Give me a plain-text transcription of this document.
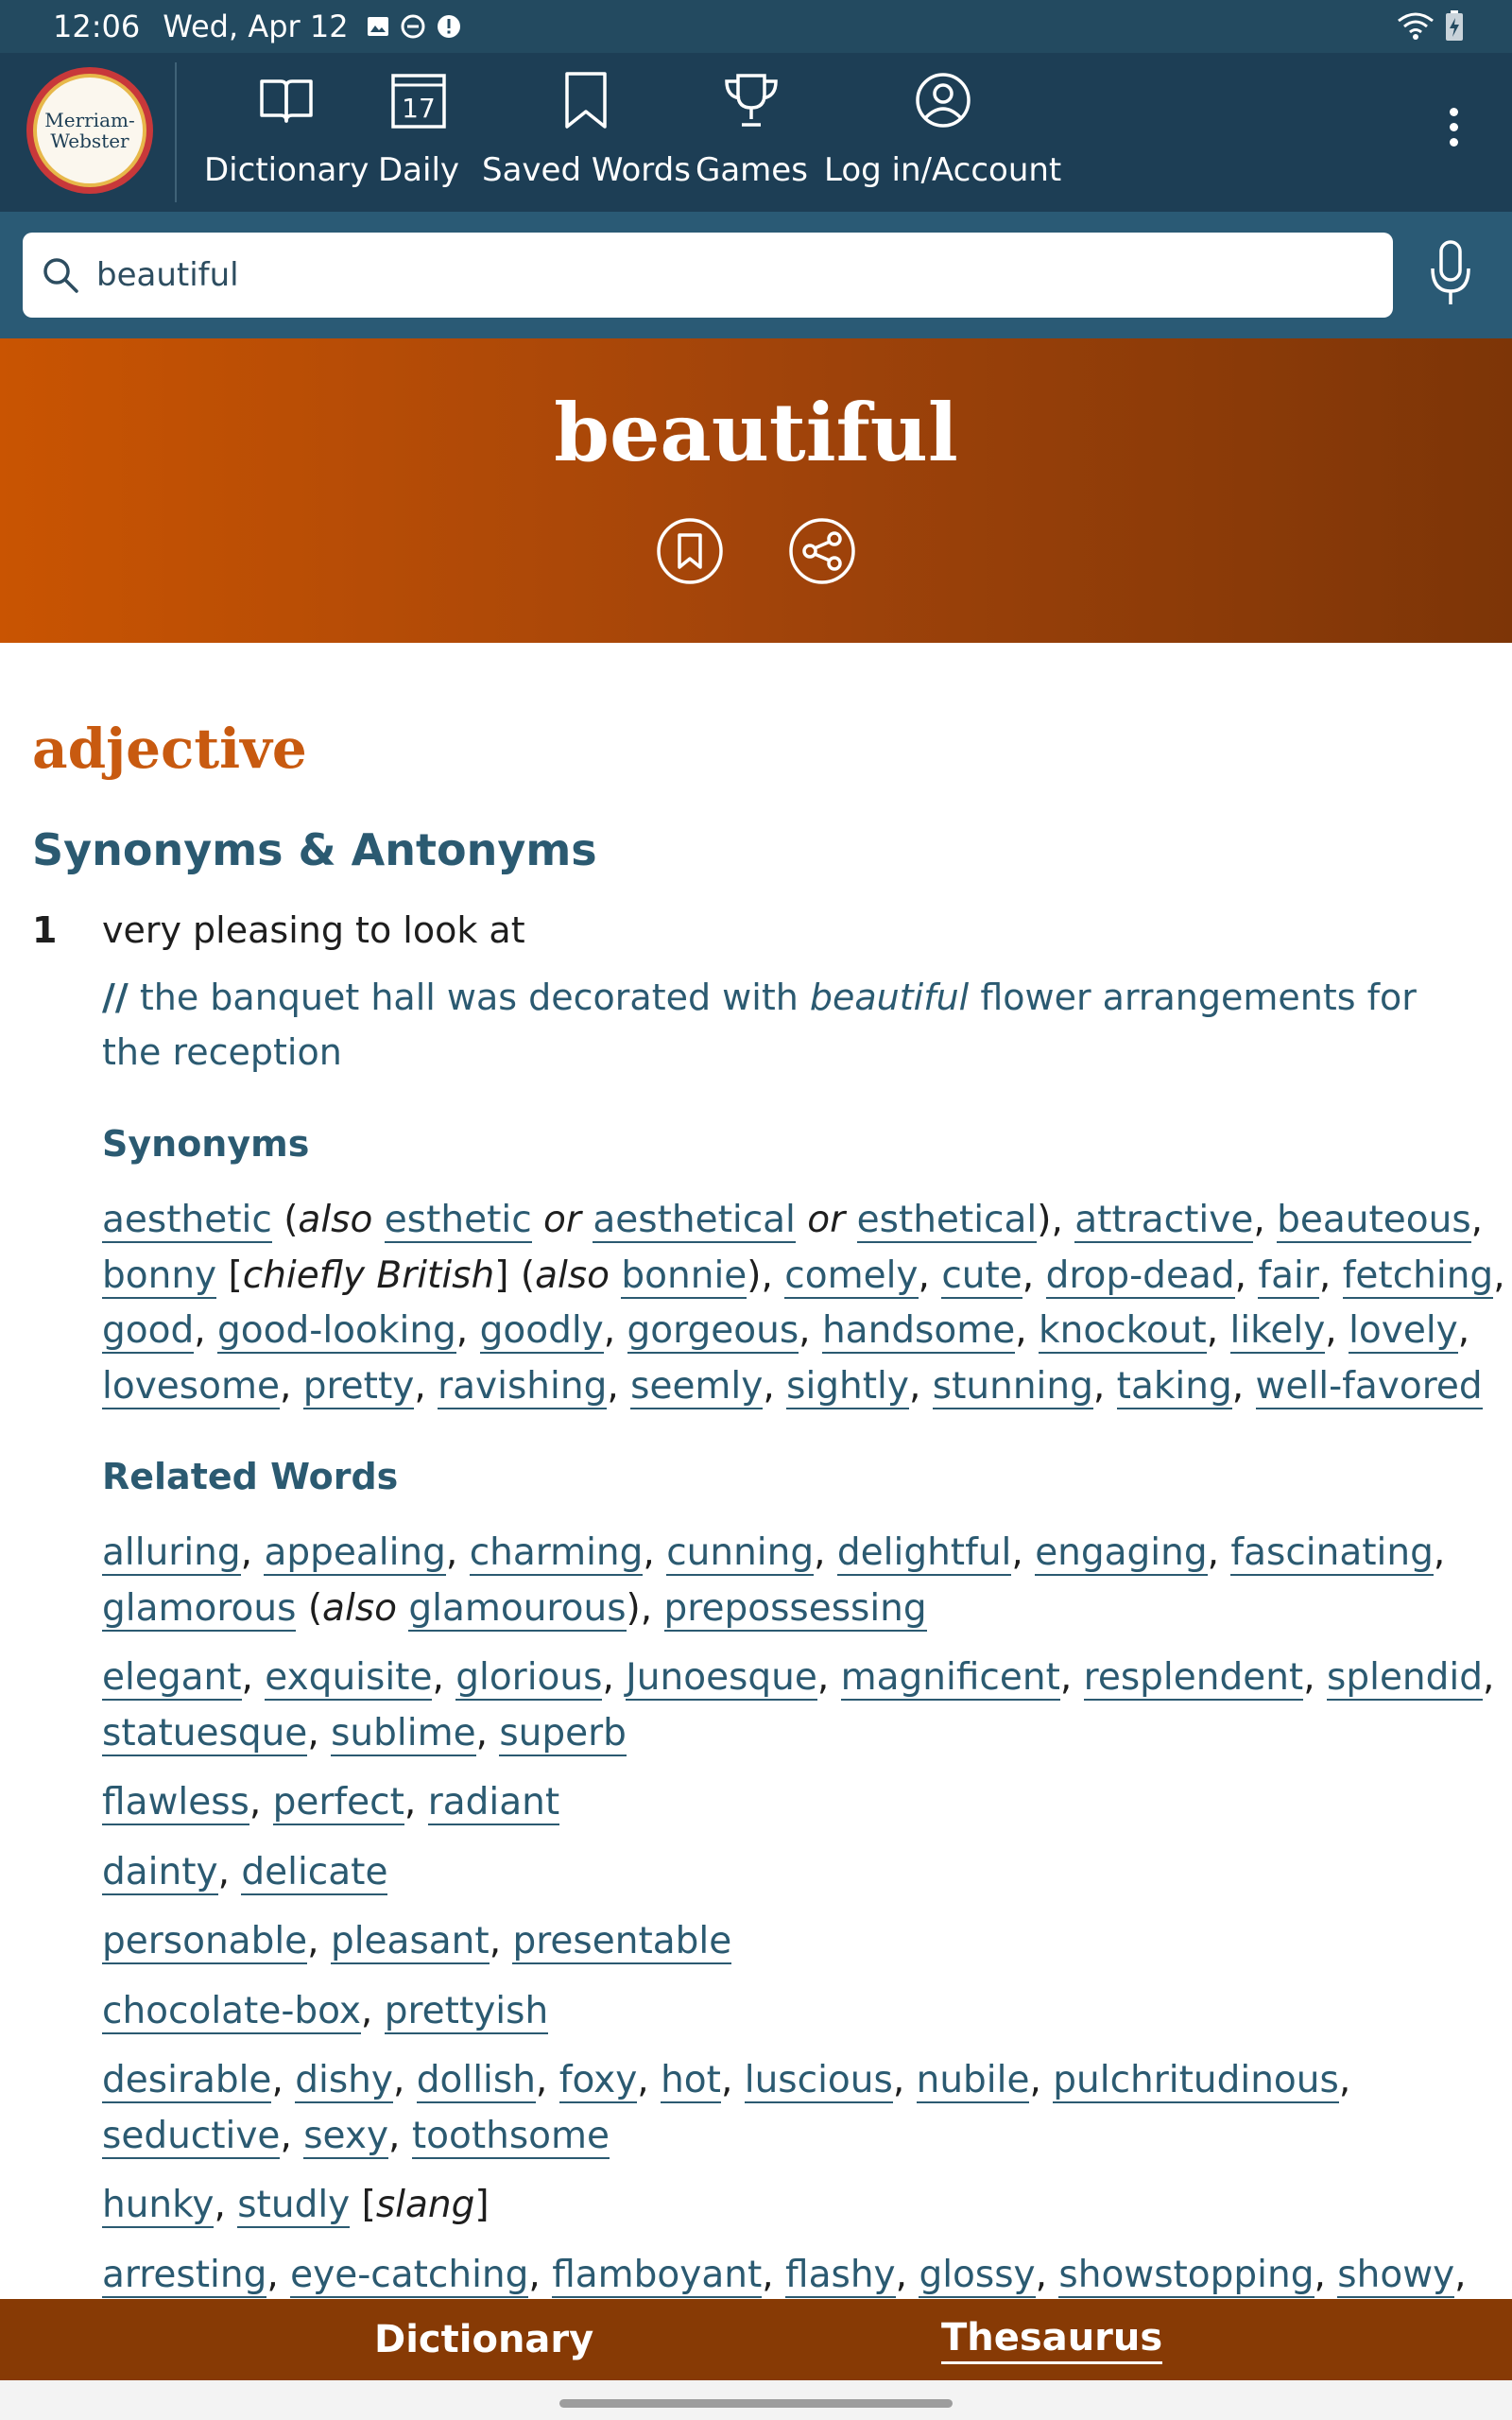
12:06 Wed, Apr 12
Merriam-
Webster
Dictionary
17
Daily Saved Words Games Log in/Account
beautiful
beautiful
adjective
Synonyms & Antonyms
1 very pleasing to look at
// the banquet hall was decorated with beautiful flower arrangements for the reception
Synonyms
aesthetic (also esthetic or aesthetical or esthetical), attractive, beauteous, bonny [chiefly British] (also bonnie), comely, cute, drop-dead, fair, fetching, good, good-looking, goodly, gorgeous, handsome, knockout, likely, lovely, lovesome, pretty, ravishing, seemly, sightly, stunning, taking, well-favored
Related Words
alluring, appealing, charming, cunning, delightful, engaging, fascinating, glamorous (also glamourous), prepossessing
elegant, exquisite, glorious, Junoesque, magnificent, resplendent, splendid, statuesque, sublime, superb
flawless, perfect, radiant
dainty, delicate
personable, pleasant, presentable
chocolate-box, prettyish
desirable, dishy, dollish, foxy, hot, luscious, nubile, pulchritudinous, seductive, sexy, toothsome
hunky, studly [slang]
arresting, eye-catching, flamboyant, flashy, glossy, showstopping, showy,
Dictionary	Thesaurus
